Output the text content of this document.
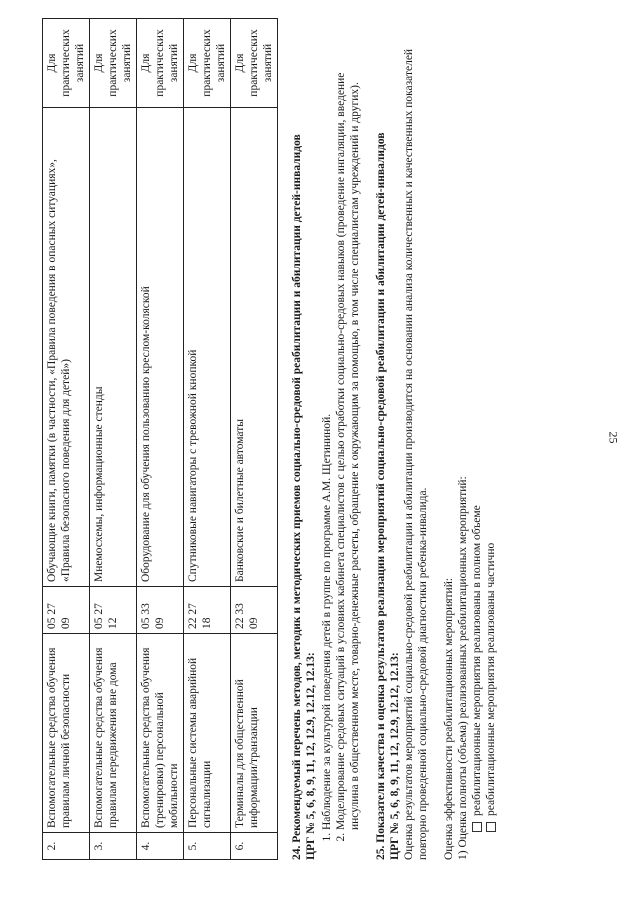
25
2.	Вспомогательные средства обучения правилам личной безопасности	05 27 09	Обучающие книги, памятки (в частности, «Правила поведения в опасных ситуациях», «Правила безопасного поведения для детей»)	Для практических занятий
3.	Вспомогательные средства обучения правилам передвижения вне дома	05 27 12	Мнемосхемы, информационные стенды	Для практических занятий
4.	Вспомогательные средства обучения (тренировки) персональной мобильности	05 33 09	Оборудование для обучения пользованию креслом-коляской	Для практических занятий
5.	Персональные системы аварийной сигнализации	22 27 18	Спутниковые навигаторы с тревожной кнопкой	Для практических занятий
6.	Терминалы для общественной информации/транзакции	22 33 09	Банковские и билетные автоматы	Для практических занятий
24. Рекомендуемый перечень методов, методик и методических приемов социально-средовой реабилитации и абилитации детей-инвалидов ЦРГ № 5, 6, 8, 9, 11, 12, 12.9, 12.12, 12.13: 1. Наблюдение за культурой поведения детей в группе по программе А.М. Щетининой. 2. Моделирование средовых ситуаций в условиях кабинета специалистов с целью отработки социально-средовых навыков (проведение ингаляции, введение инсулина в общественном месте, товарно-денежные расчеты, обращение к окружающим за помощью, в том числе специалистам учреждений и других). 25. Показатели качества и оценка результатов реализации мероприятий социально-средовой реабилитации и абилитации детей-инвалидов ЦРГ № 5, 6, 8, 9, 11, 12, 12.9, 12.12, 12.13: Оценка результатов мероприятий социально-средовой реабилитации и абилитации производится на основании анализа количественных и качественных показателей повторно проведенной социально-средовой диагностики ребенка-инвалида. Оценка эффективности реабилитационных мероприятий: 1) Оценка полноты (объема) реализованных реабилитационных мероприятий: реабилитационные мероприятия реализованы в полном объеме реабилитационные мероприятия реализованы частично
